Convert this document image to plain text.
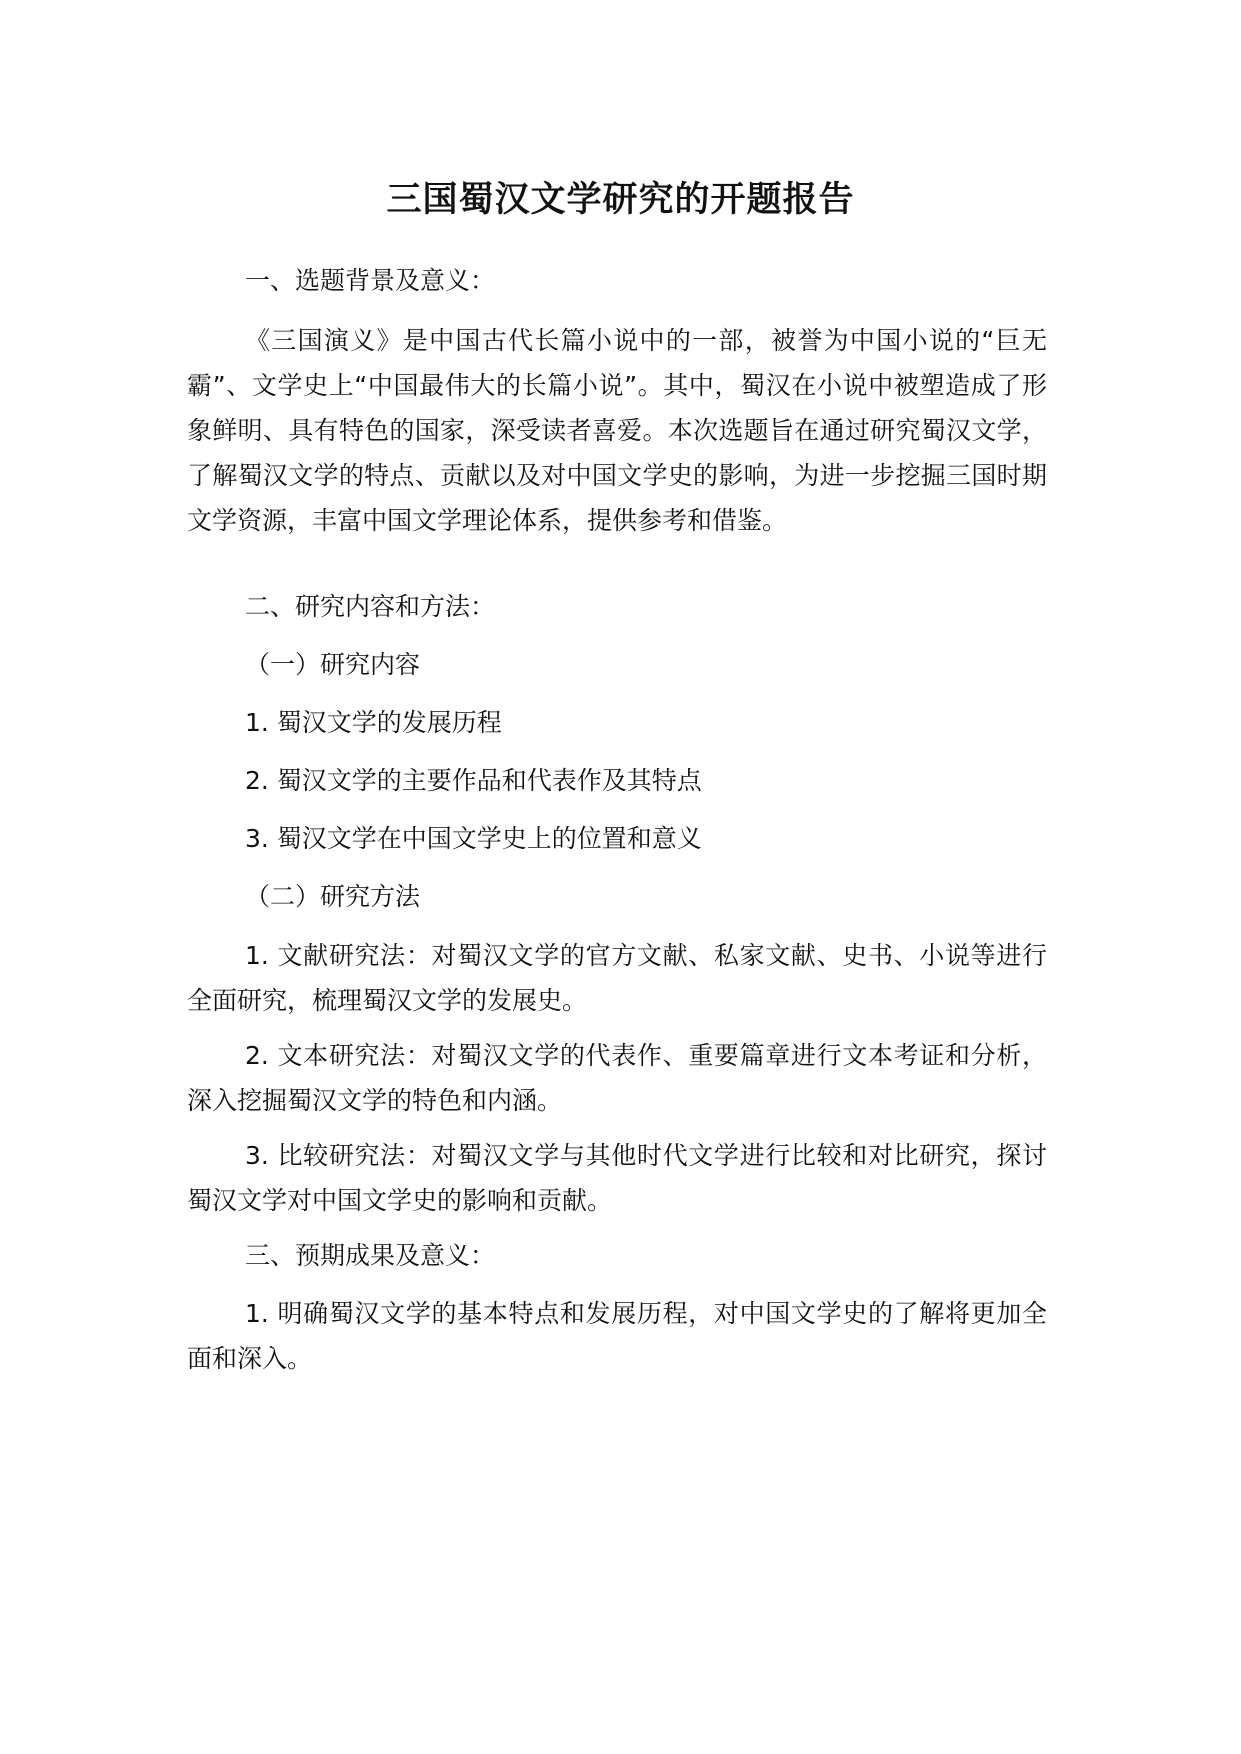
三国蜀汉文学研究的开题报告

一、选题背景及意义：

《三国演义》是中国古代长篇小说中的一部，被誉为中国小说的“巨无霸”、文学史上“中国最伟大的长篇小说”。其中，蜀汉在小说中被塑造成了形象鲜明、具有特色的国家，深受读者喜爱。本次选题旨在通过研究蜀汉文学，了解蜀汉文学的特点、贡献以及对中国文学史的影响，为进一步挖掘三国时期文学资源，丰富中国文学理论体系，提供参考和借鉴。

二、研究内容和方法：

（一）研究内容

1. 蜀汉文学的发展历程

2. 蜀汉文学的主要作品和代表作及其特点

3. 蜀汉文学在中国文学史上的位置和意义

（二）研究方法

1. 文献研究法：对蜀汉文学的官方文献、私家文献、史书、小说等进行全面研究，梳理蜀汉文学的发展史。

2. 文本研究法：对蜀汉文学的代表作、重要篇章进行文本考证和分析，深入挖掘蜀汉文学的特色和内涵。

3. 比较研究法：对蜀汉文学与其他时代文学进行比较和对比研究，探讨蜀汉文学对中国文学史的影响和贡献。

三、预期成果及意义：

1. 明确蜀汉文学的基本特点和发展历程，对中国文学史的了解将更加全面和深入。
